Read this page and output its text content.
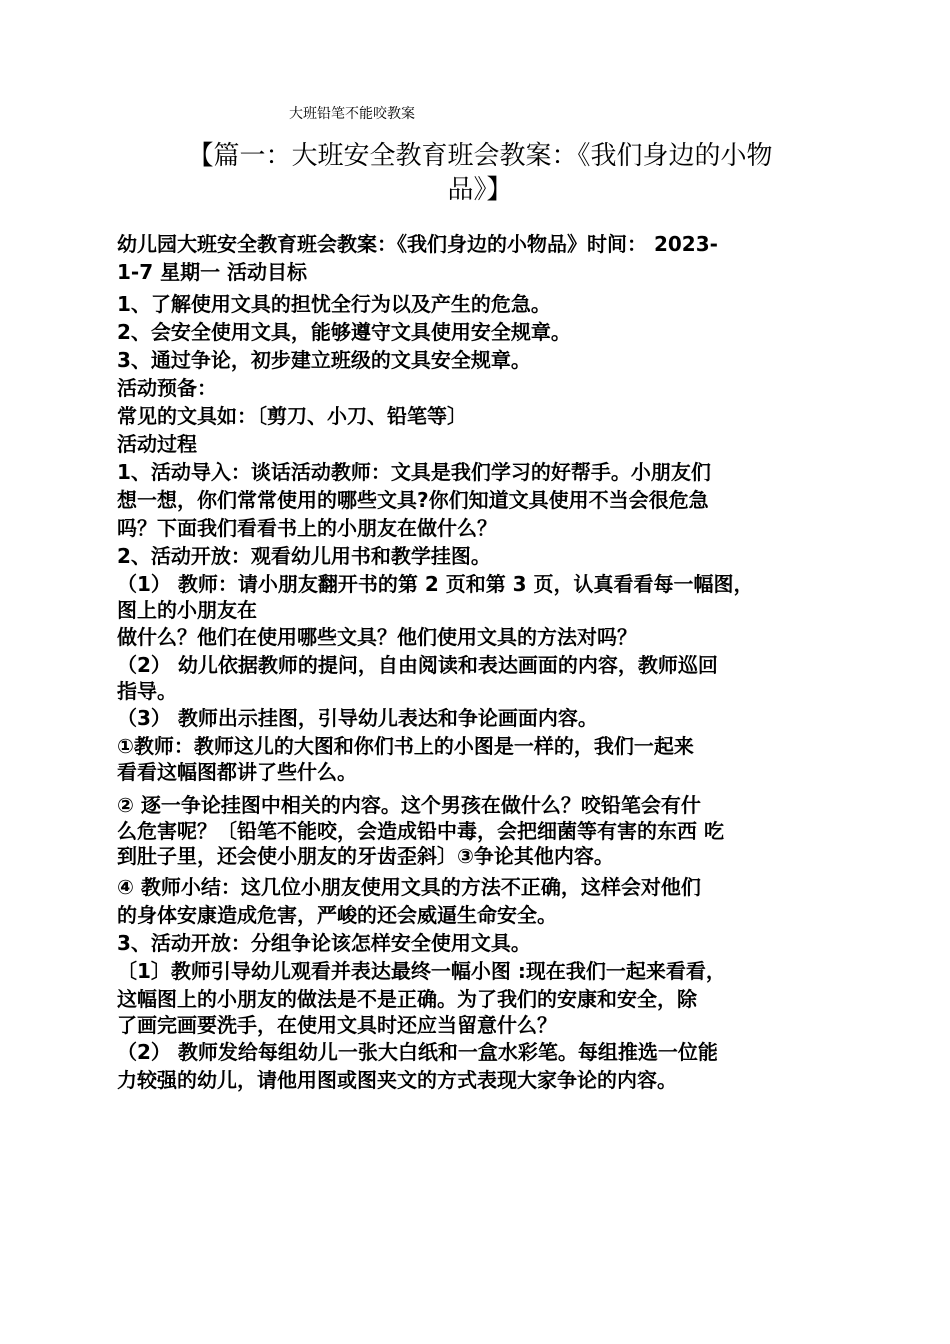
大班铅笔不能咬教案
【篇一：大班安全教育班会教案：《我们身边的小物
品》】
幼儿园大班安全教育班会教案：《我们身边的小物品》时间： 2023-
1-7 星期一 活动目标
1、了解使用文具的担忧全行为以及产生的危急。
2、会安全使用文具，能够遵守文具使用安全规章。
3、通过争论，初步建立班级的文具安全规章。
活动预备：
常见的文具如：〔剪刀、小刀、铅笔等〕
活动过程
1、活动导入：谈话活动教师：文具是我们学习的好帮手。小朋友们
想一想，你们常常使用的哪些文具?你们知道文具使用不当会很危急
吗？下面我们看看书上的小朋友在做什么？
2、活动开放：观看幼儿用书和教学挂图。
（1） 教师：请小朋友翻开书的第 2 页和第 3 页，认真看看每一幅图，
图上的小朋友在
做什么？他们在使用哪些文具？他们使用文具的方法对吗？
（2） 幼儿依据教师的提问，自由阅读和表达画面的内容，教师巡回
指导。
（3） 教师出示挂图，引导幼儿表达和争论画面内容。
①教师：教师这儿的大图和你们书上的小图是一样的，我们一起来
看看这幅图都讲了些什么。
② 逐一争论挂图中相关的内容。这个男孩在做什么？咬铅笔会有什
么危害呢？〔铅笔不能咬，会造成铅中毒，会把细菌等有害的东西 吃
到肚子里，还会使小朋友的牙齿歪斜〕③争论其他内容。
④ 教师小结：这几位小朋友使用文具的方法不正确，这样会对他们
的身体安康造成危害，严峻的还会威逼生命安全。
3、活动开放：分组争论该怎样安全使用文具。
〔1〕教师引导幼儿观看并表达最终一幅小图 :现在我们一起来看看，
这幅图上的小朋友的做法是不是正确。为了我们的安康和安全，除
了画完画要洗手，在使用文具时还应当留意什么？
（2） 教师发给每组幼儿一张大白纸和一盒水彩笔。每组推选一位能
力较强的幼儿，请他用图或图夹文的方式表现大家争论的内容。
